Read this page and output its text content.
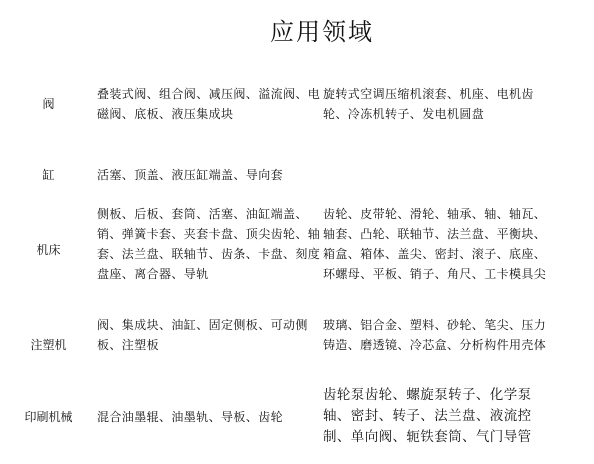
应用领域
阀
叠装式阀、组合阀、减压阀、溢流阀、电磁阀、底板、液压集成块
旋转式空调压缩机滚套、机座、电机齿轮、冷冻机转子、发电机圆盘
缸	活塞、顶盖、液压缸端盖、导向套
机床
侧板、后板、套筒、活塞、油缸端盖、销、弹簧卡套、夹套卡盘、顶尖齿轮、轴套、法兰盘、联轴节、齿条、卡盘、刻度盘座、离合器、导轨
齿轮、皮带轮、滑轮、轴承、轴、轴瓦、轴套、凸轮、联轴节、法兰盘、平衡块、箱盒、箱体、盖尖、密封、滚子、底座、环螺母、平板、销子、角尺、工卡模具尖
注塑机
阀、集成块、油缸、固定侧板、可动侧板、注塑板
玻璃、铝合金、塑料、砂轮、笔尖、压力铸造、磨透镜、冷芯盒、分析构件用壳体
印刷机械	混合油墨辊、油墨轨、导板、齿轮
齿轮泵齿轮、螺旋泵转子、化学泵轴、密封、转子、法兰盘、液流控制、单向阀、轭铁套筒、气门导管
